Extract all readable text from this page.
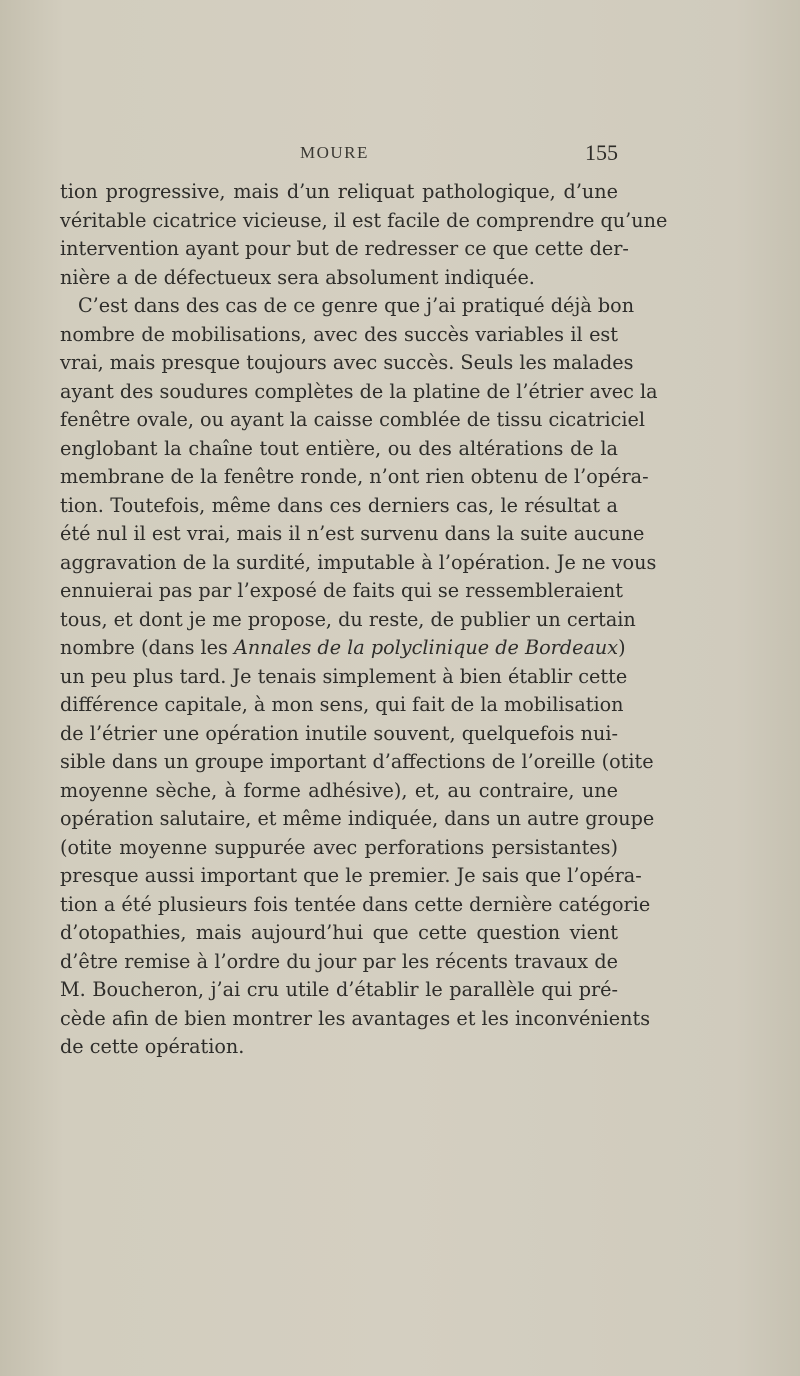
MOURE	155
tion progressive, mais d’un reliquat pathologique, d’une
véritable cicatrice vicieuse, il est facile de comprendre qu’une
intervention ayant pour but de redresser ce que cette der-
nière a de défectueux sera absolument indiquée.
C’est dans des cas de ce genre que j’ai pratiqué déjà bon
nombre de mobilisations, avec des succès variables il est
vrai, mais presque toujours avec succès. Seuls les malades
ayant des soudures complètes de la platine de l’étrier avec la
fenêtre ovale, ou ayant la caisse comblée de tissu cicatriciel
englobant la chaîne tout entière, ou des altérations de la
membrane de la fenêtre ronde, n’ont rien obtenu de l’opéra-
tion. Toutefois, même dans ces derniers cas, le résultat a
été nul il est vrai, mais il n’est survenu dans la suite aucune
aggravation de la surdité, imputable à l’opération. Je ne vous
ennuierai pas par l’exposé de faits qui se ressembleraient
tous, et dont je me propose, du reste, de publier un certain
nombre (dans les Annales de la polyclinique de Bordeaux)
un peu plus tard. Je tenais simplement à bien établir cette
différence capitale, à mon sens, qui fait de la mobilisation
de l’étrier une opération inutile souvent, quelquefois nui-
sible dans un groupe important d’affections de l’oreille (otite
moyenne sèche, à forme adhésive), et, au contraire, une
opération salutaire, et même indiquée, dans un autre groupe
(otite moyenne suppurée avec perforations persistantes)
presque aussi important que le premier. Je sais que l’opéra-
tion a été plusieurs fois tentée dans cette dernière catégorie
d’otopathies, mais aujourd’hui que cette question vient
d’être remise à l’ordre du jour par les récents travaux de
M. Boucheron, j’ai cru utile d’établir le parallèle qui pré-
cède afin de bien montrer les avantages et les inconvénients
de cette opération.
